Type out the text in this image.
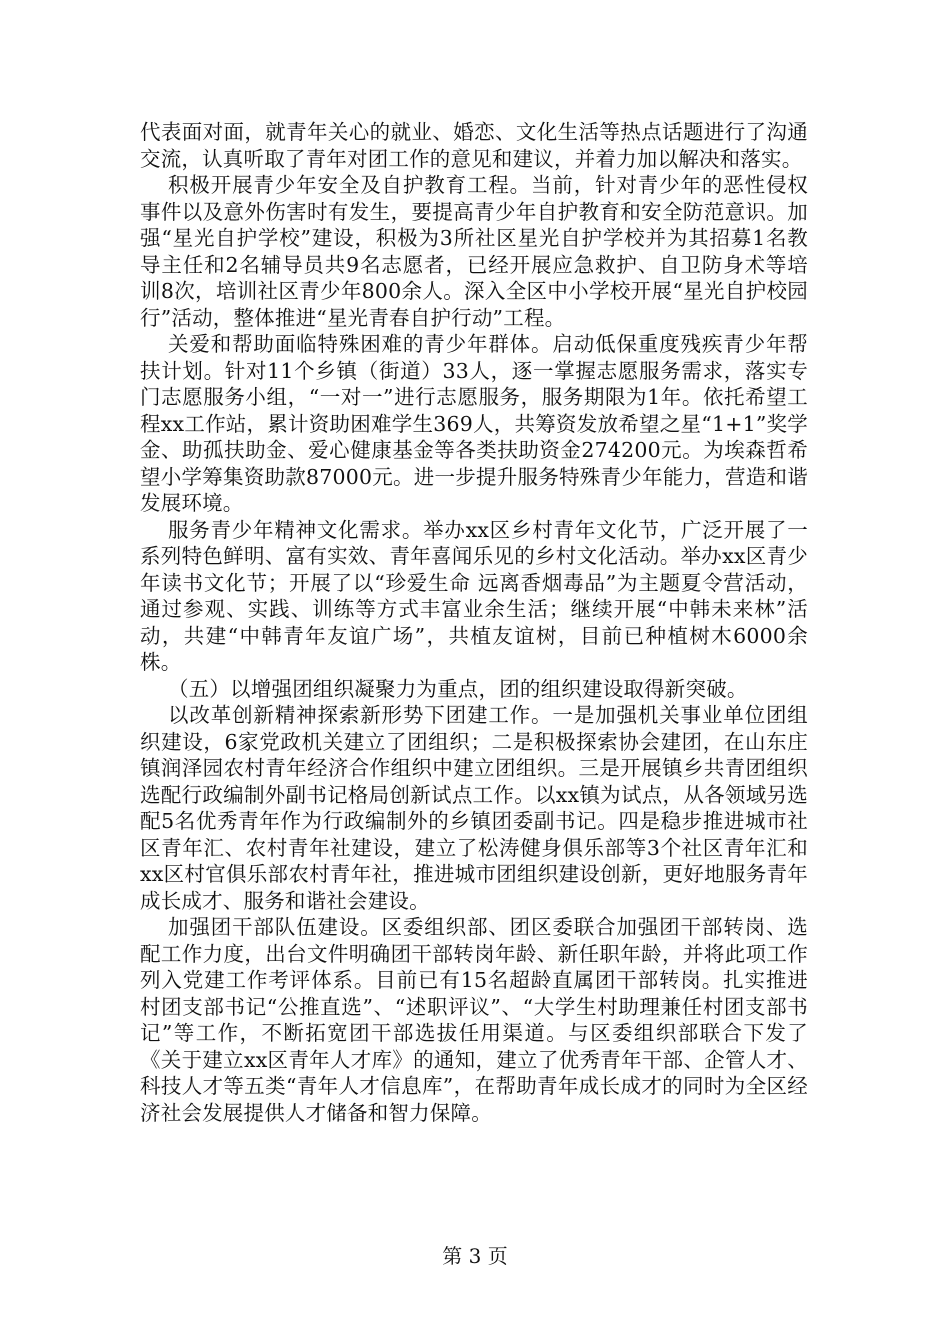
代表面对面，就青年关心的就业、婚恋、文化生活等热点话题进行了沟通交流，认真听取了青年对团工作的意见和建议，并着力加以解决和落实。

积极开展青少年安全及自护教育工程。当前，针对青少年的恶性侵权事件以及意外伤害时有发生，要提高青少年自护教育和安全防范意识。加强“星光自护学校”建设，积极为3所社区星光自护学校并为其招募1名教导主任和2名辅导员共9名志愿者，已经开展应急救护、自卫防身术等培训8次，培训社区青少年800余人。深入全区中小学校开展“星光自护校园行”活动，整体推进“星光青春自护行动”工程。

关爱和帮助面临特殊困难的青少年群体。启动低保重度残疾青少年帮扶计划。针对11个乡镇（街道）33人，逐一掌握志愿服务需求，落实专门志愿服务小组，“一对一”进行志愿服务，服务期限为1年。依托希望工程xx工作站，累计资助困难学生369人，共筹资发放希望之星“1+1”奖学金、助孤扶助金、爱心健康基金等各类扶助资金274200元。为埃森哲希望小学筹集资助款87000元。进一步提升服务特殊青少年能力，营造和谐发展环境。

服务青少年精神文化需求。举办xx区乡村青年文化节，广泛开展了一系列特色鲜明、富有实效、青年喜闻乐见的乡村文化活动。举办xx区青少年读书文化节；开展了以“珍爱生命 远离香烟毒品”为主题夏令营活动，通过参观、实践、训练等方式丰富业余生活；继续开展“中韩未来林”活动，共建“中韩青年友谊广场”，共植友谊树，目前已种植树木6000余株。

（五）以增强团组织凝聚力为重点，团的组织建设取得新突破。

以改革创新精神探索新形势下团建工作。一是加强机关事业单位团组织建设，6家党政机关建立了团组织；二是积极探索协会建团，在山东庄镇润泽园农村青年经济合作组织中建立团组织。三是开展镇乡共青团组织选配行政编制外副书记格局创新试点工作。以xx镇为试点，从各领域另选配5名优秀青年作为行政编制外的乡镇团委副书记。四是稳步推进城市社区青年汇、农村青年社建设，建立了松涛健身俱乐部等3个社区青年汇和xx区村官俱乐部农村青年社，推进城市团组织建设创新，更好地服务青年成长成才、服务和谐社会建设。

加强团干部队伍建设。区委组织部、团区委联合加强团干部转岗、选配工作力度，出台文件明确团干部转岗年龄、新任职年龄，并将此项工作列入党建工作考评体系。目前已有15名超龄直属团干部转岗。扎实推进村团支部书记“公推直选”、“述职评议”、“大学生村助理兼任村团支部书记”等工作，不断拓宽团干部选拔任用渠道。与区委组织部联合下发了《关于建立xx区青年人才库》的通知，建立了优秀青年干部、企管人才、科技人才等五类“青年人才信息库”，在帮助青年成长成才的同时为全区经济社会发展提供人才储备和智力保障。

第 3 页
